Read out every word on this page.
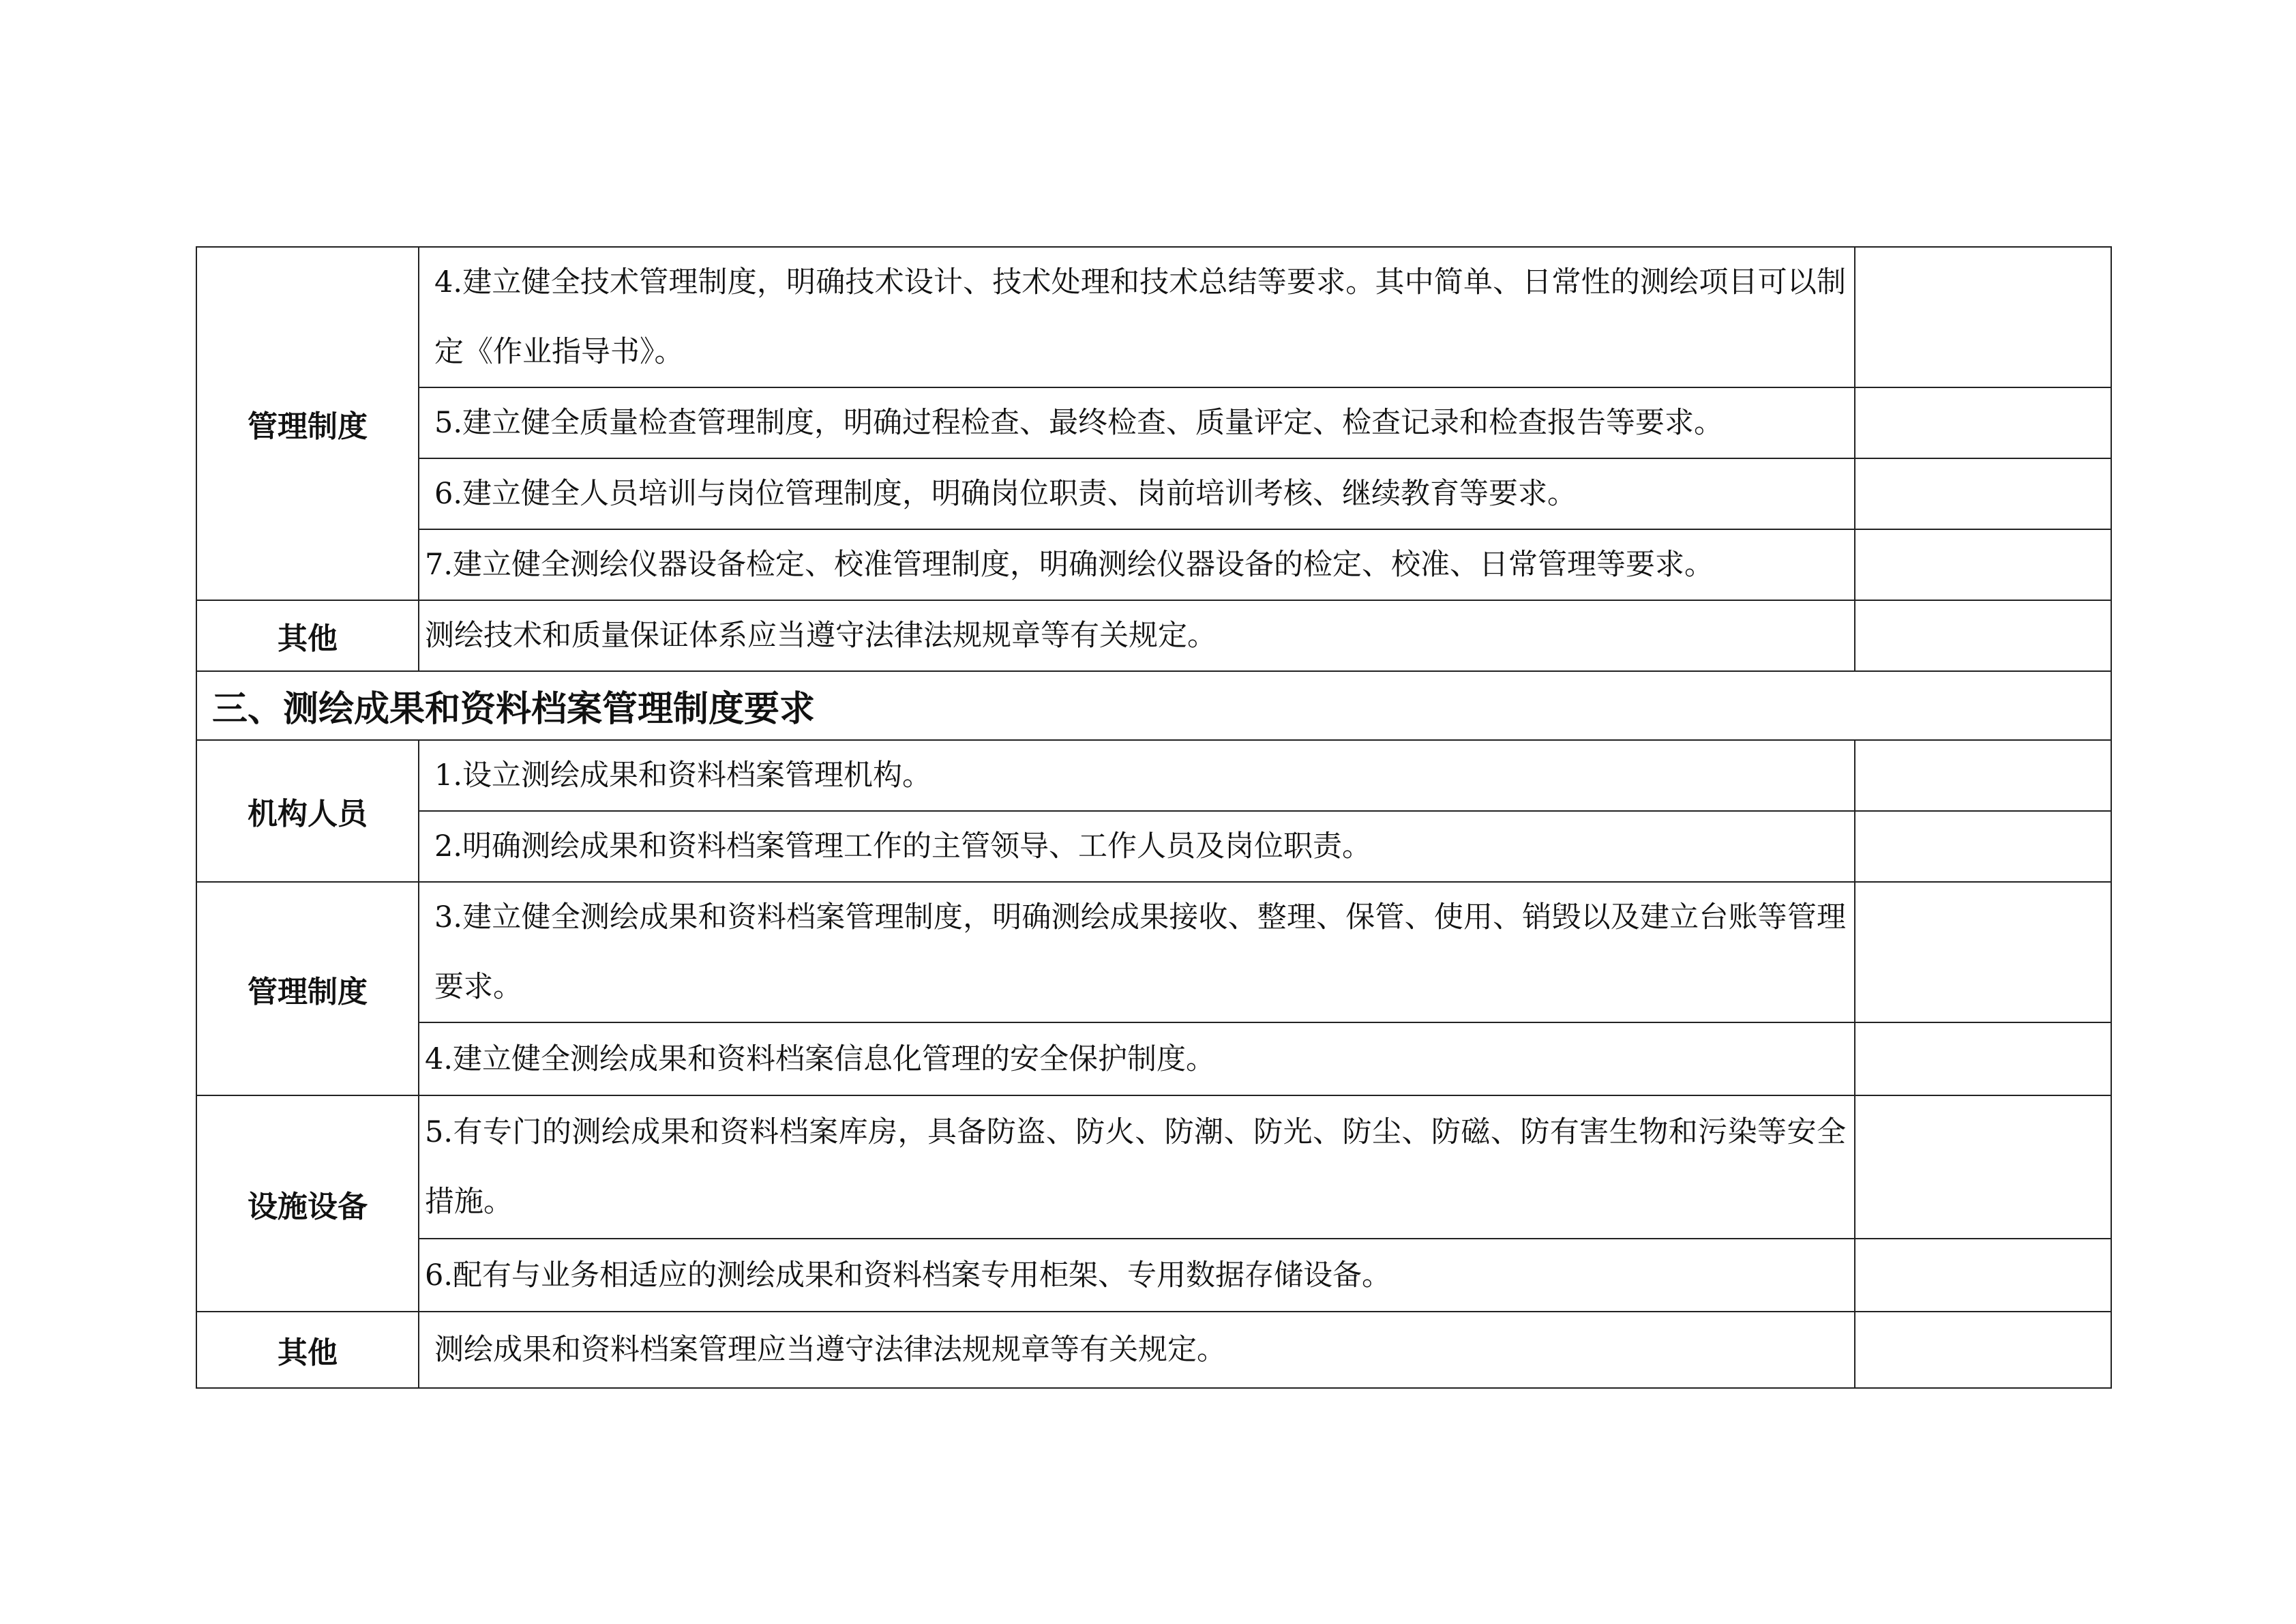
管理制度	4.建立健全技术管理制度，明确技术设计、技术处理和技术总结等要求。其中简单、日常性的测绘项目可以制定《作业指导书》。	
	5.建立健全质量检查管理制度，明确过程检查、最终检查、质量评定、检查记录和检查报告等要求。	
	6.建立健全人员培训与岗位管理制度，明确岗位职责、岗前培训考核、继续教育等要求。	
	7.建立健全测绘仪器设备检定、校准管理制度，明确测绘仪器设备的检定、校准、日常管理等要求。	
其他	测绘技术和质量保证体系应当遵守法律法规规章等有关规定。	
三、测绘成果和资料档案管理制度要求		
机构人员	1.设立测绘成果和资料档案管理机构。	
	2.明确测绘成果和资料档案管理工作的主管领导、工作人员及岗位职责。	
管理制度	3.建立健全测绘成果和资料档案管理制度，明确测绘成果接收、整理、保管、使用、销毁以及建立台账等管理要求。	
	4.建立健全测绘成果和资料档案信息化管理的安全保护制度。	
设施设备	5.有专门的测绘成果和资料档案库房，具备防盗、防火、防潮、防光、防尘、防磁、防有害生物和污染等安全措施。	
	6.配有与业务相适应的测绘成果和资料档案专用柜架、专用数据存储设备。	
其他	测绘成果和资料档案管理应当遵守法律法规规章等有关规定。	
